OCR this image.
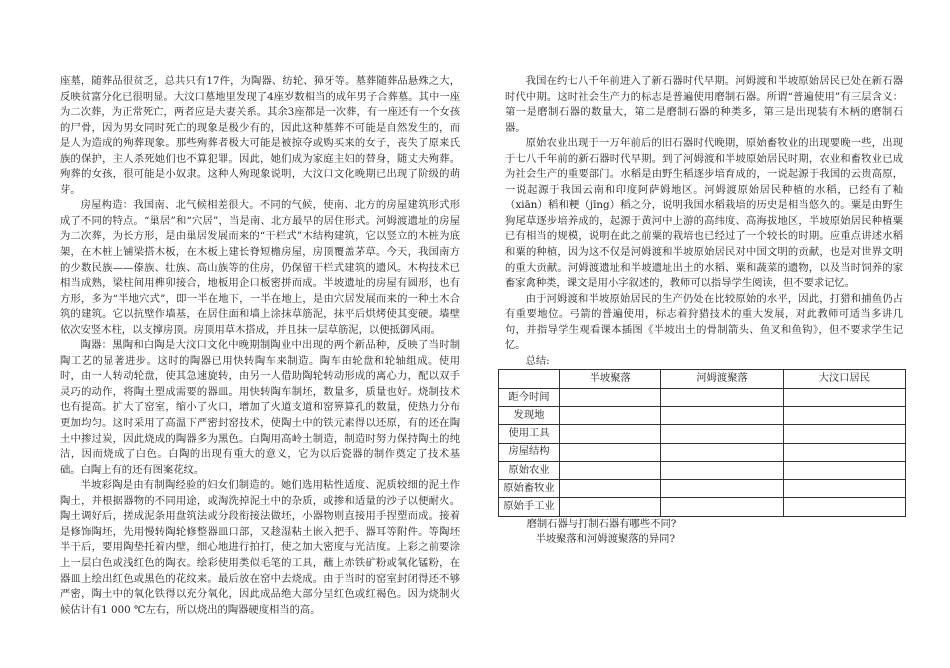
座墓，随葬品很贫乏，总共只有17件，为陶器、纺轮、獐牙等。墓葬随葬品悬殊之大，反映贫富分化已很明显。大汶口墓地里发现了4座岁数相当的成年男子合葬墓。其中一座为二次葬，为正常死亡，两者应是夫妻关系。其余3座都是一次葬，有一座还有一个女孩的尸骨，因为男女同时死亡的现象是极少有的，因此这种墓葬不可能是自然发生的，而是人为造成的殉葬现象。那些殉葬者极大可能是被掠夺或购买来的女子，丧失了原来氏族的保护，主人杀死她们也不算犯罪。因此，她们成为家庭主妇的替身，随丈夫殉葬。殉葬的女孩，很可能是小奴隶。这种人殉现象说明，大汶口文化晚期已出现了阶级的萌芽。

房屋构造：我国南、北气候相差很大。不同的气候，使南、北方的房屋建筑形式形成了不同的特点。“巢居”和“穴居”，当是南、北方最早的居住形式。河姆渡遗址的房屋为二次葬，为长方形，是由巢居发展而来的“干栏式”木结构建筑，它以竖立的木桩为底架，在木桩上铺梁搭木板，在木板上建长脊短檐房屋，房顶覆盖茅草。今天，我国南方的少数民族——傣族、壮族、高山族等的住房，仍保留干栏式建筑的遗风。木构技术已相当成熟，梁柱间用榫卯接合，地板用企口板密拼而成。半坡遗址的房屋有圆形，也有方形，多为“半地穴式”，即一半在地下，一半在地上，是由穴居发展而来的一种土木合筑的建筑。它以抗壁作墙基，在居住面和墙上涂抹草筋泥，抹平后烘烤使其变硬。墙壁依次安竖木柱，以支撑房顶。房顶用草木搭成，并且抹一层草筋泥，以便抵御风雨。

陶器：黑陶和白陶是大汶口文化中晚期制陶业中出现的两个新品种，反映了当时制陶工艺的显著进步。这时的陶器已用快转陶车来制造。陶车由轮盘和轮轴组成。使用时，由一人转动轮盘，使其急速旋转，由另一人借助陶轮转动形成的离心力，配以双手灵巧的动作，将陶土塑成需要的器皿。用快转陶车制坯，数量多，质量也好。烧制技术也有提高。扩大了窑室，缩小了火口，增加了火道支道和窑箅算孔的数量，使热力分布更加均匀。这时采用了高温下严密封窑技术，使陶土中的铁元素得以还原，有的还在陶土中掺过炭，因此烧成的陶器多为黑色。白陶用高岭土制造，制造时努力保持陶土的纯洁，因而烧成了白色。白陶的出现有重大的意义，它为以后瓷器的制作奠定了技术基础。白陶上有的还有图案花纹。

半坡彩陶是由有制陶经验的妇女们制造的。她们选用粘性适度、泥质较细的泥土作陶土，并根据器物的不同用途，或淘洗掉泥土中的杂质，或掺和适量的沙子以便耐火。陶土调好后，搓成泥条用盘筑法或分段衔接法做坯，小器物则直接用手捏塑而成。接着是修饰陶坯，先用慢转陶轮修整器皿口部，又趁湿粘土嵌入把手、器耳等附件。等陶坯半干后，要用陶垫托着内壁，细心地进行拍打，使之加大密度与光洁度。上彩之前要涂上一层白色或浅红色的陶衣。绘彩使用类似毛笔的工具，蘸上赤铁矿粉或氧化锰粉，在器皿上绘出红色或黑色的花纹来。最后放在窑中去烧成。由于当时的窑室封闭得还不够严密，陶土中的氧化铁得以充分氧化，因此成品绝大部分呈红色或红褐色。因为烧制火候估计有1 000 ℃左右，所以烧出的陶器硬度相当的高。

我国在约七八千年前进入了新石器时代早期。河姆渡和半坡原始居民已处在新石器时代中期。这时社会生产力的标志是普遍使用磨制石器。所谓“普遍使用”有三层含义：第一是磨制石器的数量大，第二是磨制石器的种类多，第三是出现装有木柄的磨制石器。

原始农业出现于一万年前后的旧石器时代晚期，原始畜牧业的出现要晚一些，出现于七八千年前的新石器时代早期。到了河姆渡和半坡原始居民时期，农业和畜牧业已成为社会生产的重要部门。水稻是由野生稻逐步培育成的，一说起源于我国的云贵高原，一说起源于我国云南和印度阿萨姆地区。河姆渡原始居民种植的水稻，已经有了籼（xiān）稻和粳（jīng）稻之分，说明我国水稻栽培的历史是相当悠久的。粟是由野生狗尾草逐步培养成的，起源于黄河中上游的高纬度、高海拔地区，半坡原始居民种植粟已有相当的规模，说明在此之前粟的栽培也已经过了一个较长的时期。应重点讲述水稻和粟的种植，因为这不仅是河姆渡和半坡原始居民对中国文明的贡献，也是对世界文明的重大贡献。河姆渡遗址和半坡遗址出土的水稻、粟和蔬菜的遗物，以及当时饲养的家畜家禽种类，课文是用小字叙述的，教师可以指导学生阅读，但不要求记忆。

由于河姆渡和半坡原始居民的生产仍处在比较原始的水平，因此，打猎和捕鱼仍占有重要地位。弓箭的普遍使用，标志着狩猎技术的重大发展，对此教师可适当多讲几句，并指导学生观看课本插图《半坡出土的骨制箭头、鱼叉和鱼钩》，但不要求学生记忆。

总结:

	半坡聚落	河姆渡聚落	大汶口居民
距今时间			
发现地			
使用工具			
房屋结构			
原始农业			
原始畜牧业			
原始手工业			

磨制石器与打制石器有哪些不同?

半坡聚落和河姆渡聚落的异同?
